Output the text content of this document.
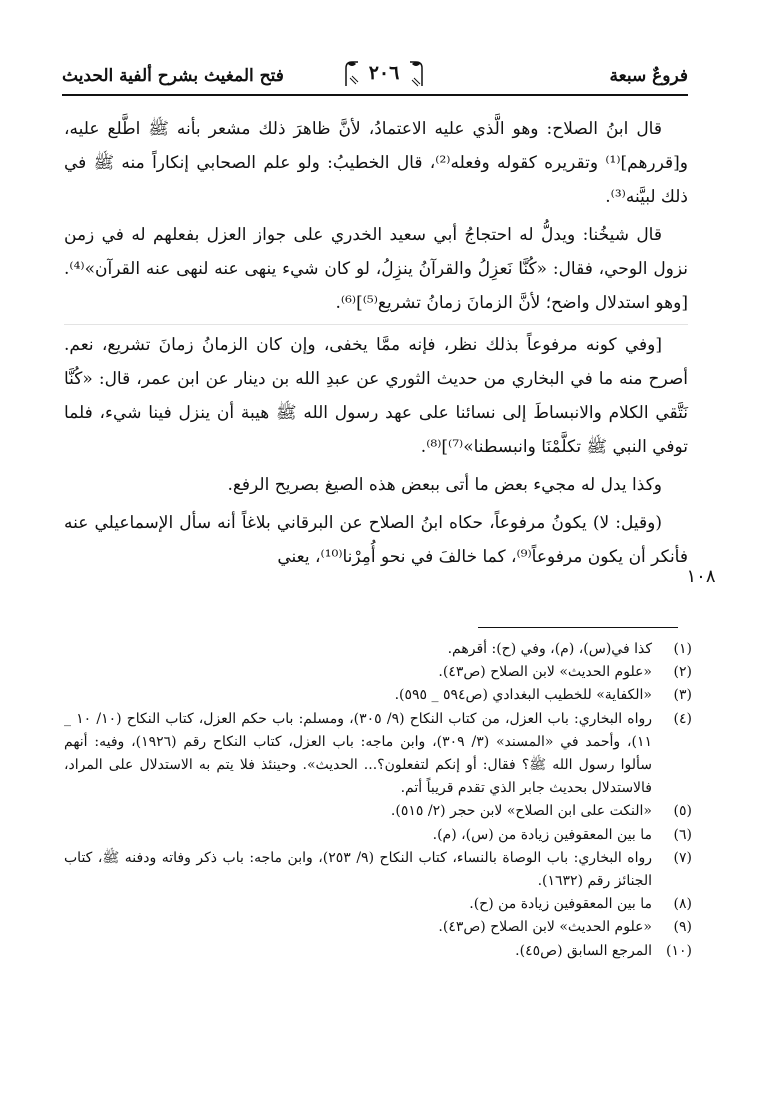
فتح المغيث بشرح ألفية الحديث	٢٠٦	فروعٌ سبعة

قال ابنُ الصلاح: وهو الَّذي عليه الاعتمادُ، لأنَّ ظاهرَ ذلك مشعر بأنه ﷺ اطَّلع عليه، و[قررهم]⁽¹⁾ وتقريره كقوله وفعله⁽²⁾، قال الخطيبُ: ولو علم الصحابي إنكاراً منه ﷺ في ذلك لبيَّنه⁽³⁾.

قال شيخُنا: ويدلُّ له احتجاجُ أبي سعيد الخدري على جواز العزل بفعلهم له في زمن نزول الوحي، فقال: «كُنَّا نَعزِلُ والقرآنُ ينزِلُ، لو كان شيء ينهى عنه لنهى عنه القرآن»⁽⁴⁾. [وهو استدلال واضح؛ لأنَّ الزمانَ زمانُ تشريع⁽⁵⁾]⁽⁶⁾.

[وفي كونه مرفوعاً بذلك نظر، فإنه ممَّا يخفى، وإن كان الزمانُ زمانَ تشريع، نعم. أصرح منه ما في البخاري من حديث الثوري عن عبدِ الله بن دينار عن ابن عمر، قال: «كُنَّا نَتَّقي الكلام والانبساطَ إلى نسائنا على عهد رسول الله ﷺ هيبة أن ينزل فينا شيء، فلما توفي النبي ﷺ تكلَّمْنَا وانبسطنا»⁽⁷⁾]⁽⁸⁾.

وكذا يدل له مجيء بعض ما أتى ببعض هذه الصيغ بصريح الرفع.

(وقيل: لا) يكونُ مرفوعاً، حكاه ابنُ الصلاح عن البرقاني بلاغاً أنه سأل الإسماعيلي عنه فأنكر أن يكون مرفوعاً⁽⁹⁾، كما خالفَ في نحو أُمِرْنا⁽¹⁰⁾، يعني

١٠٨
(١)
كذا في(س)، (م)، وفي (ح): أقرهم.
(٢)
«علوم الحديث» لابن الصلاح (ص٤٣).
(٣)
«الكفاية» للخطيب البغدادي (ص٥٩٤ _ ٥٩٥).
(٤)
رواه البخاري: باب العزل، من كتاب النكاح (٩/ ٣٠٥)، ومسلم: باب حكم العزل، كتاب النكاح (١٠/ ١٠ _ ١١)، وأحمد في «المسند» (٣/ ٣٠٩)، وابن ماجه: باب العزل، كتاب النكاح رقم (١٩٢٦)، وفيه: أنهم سألوا رسول الله ﷺ؟ فقال: أو إنكم لتفعلون؟... الحديث». وحينئذ فلا يتم به الاستدلال على المراد، فالاستدلال بحديث جابر الذي تقدم قريباً أتم.
(٥)
«النكت على ابن الصلاح» لابن حجر (٢/ ٥١٥).
(٦)
ما بين المعقوفين زيادة من (س)، (م).
(٧)
رواه البخاري: باب الوصاة بالنساء، كتاب النكاح (٩/ ٢٥٣)، وابن ماجه: باب ذكر وفاته ودفنه ﷺ، كتاب الجنائز رقم (١٦٣٢).
(٨)
ما بين المعقوفين زيادة من (ح).
(٩)
«علوم الحديث» لابن الصلاح (ص٤٣).
(١٠)
المرجع السابق (ص٤٥).
